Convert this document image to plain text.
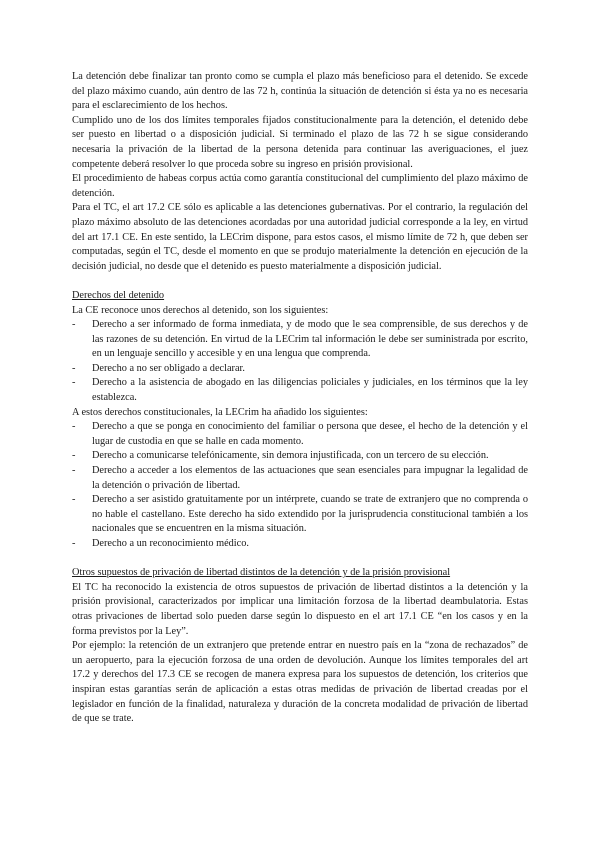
La detención debe finalizar tan pronto como se cumpla el plazo más beneficioso para el detenido. Se excede del plazo máximo cuando, aún dentro de las 72 h, continúa la situación de detención si ésta ya no es necesaria para el esclarecimiento de los hechos.

Cumplido uno de los dos límites temporales fijados constitucionalmente para la detención, el detenido debe ser puesto en libertad o a disposición judicial. Si terminado el plazo de las 72 h se sigue considerando necesaria la privación de la libertad de la persona detenida para continuar las averiguaciones, el juez competente deberá resolver lo que proceda sobre su ingreso en prisión provisional.

El procedimiento de habeas corpus actúa como garantía constitucional del cumplimiento del plazo máximo de detención.

Para el TC, el art 17.2 CE sólo es aplicable a las detenciones gubernativas. Por el contrario, la regulación del plazo máximo absoluto de las detenciones acordadas por una autoridad judicial corresponde a la ley, en virtud del art 17.1 CE. En este sentido, la LECrim dispone, para estos casos, el mismo límite de 72 h, que deben ser computadas, según el TC, desde el momento en que se produjo materialmente la detención en ejecución de la decisión judicial, no desde que el detenido es puesto materialmente a disposición judicial.

Derechos del detenido

La CE reconoce unos derechos al detenido, son los siguientes:

- Derecho a ser informado de forma inmediata, y de modo que le sea comprensible, de sus derechos y de las razones de su detención. En virtud de la LECrim tal información le debe ser suministrada por escrito, en un lenguaje sencillo y accesible y en una lengua que comprenda.
- Derecho a no ser obligado a declarar.
- Derecho a la asistencia de abogado en las diligencias policiales y judiciales, en los términos que la ley establezca.

A estos derechos constitucionales, la LECrim ha añadido los siguientes:

- Derecho a que se ponga en conocimiento del familiar o persona que desee, el hecho de la detención y el lugar de custodia en que se halle en cada momento.
- Derecho a comunicarse telefónicamente, sin demora injustificada, con un tercero de su elección.
- Derecho a acceder a los elementos de las actuaciones que sean esenciales para impugnar la legalidad de la detención o privación de libertad.
- Derecho a ser asistido gratuitamente por un intérprete, cuando se trate de extranjero que no comprenda o no hable el castellano. Este derecho ha sido extendido por la jurisprudencia constitucional también a los nacionales que se encuentren en la misma situación.
- Derecho a un reconocimiento médico.

Otros supuestos de privación de libertad distintos de la detención y de la prisión provisional

El TC ha reconocido la existencia de otros supuestos de privación de libertad distintos a la detención y la prisión provisional, caracterizados por implicar una limitación forzosa de la libertad deambulatoria. Estas otras privaciones de libertad solo pueden darse según lo dispuesto en el art 17.1 CE “en los casos y en la forma previstos por la Ley”.

Por ejemplo: la retención de un extranjero que pretende entrar en nuestro país en la “zona de rechazados” de un aeropuerto, para la ejecución forzosa de una orden de devolución. Aunque los límites temporales del art 17.2 y derechos del 17.3 CE se recogen de manera expresa para los supuestos de detención, los criterios que inspiran estas garantías serán de aplicación a estas otras medidas de privación de libertad creadas por el legislador en función de la finalidad, naturaleza y duración de la concreta modalidad de privación de libertad de que se trate.
